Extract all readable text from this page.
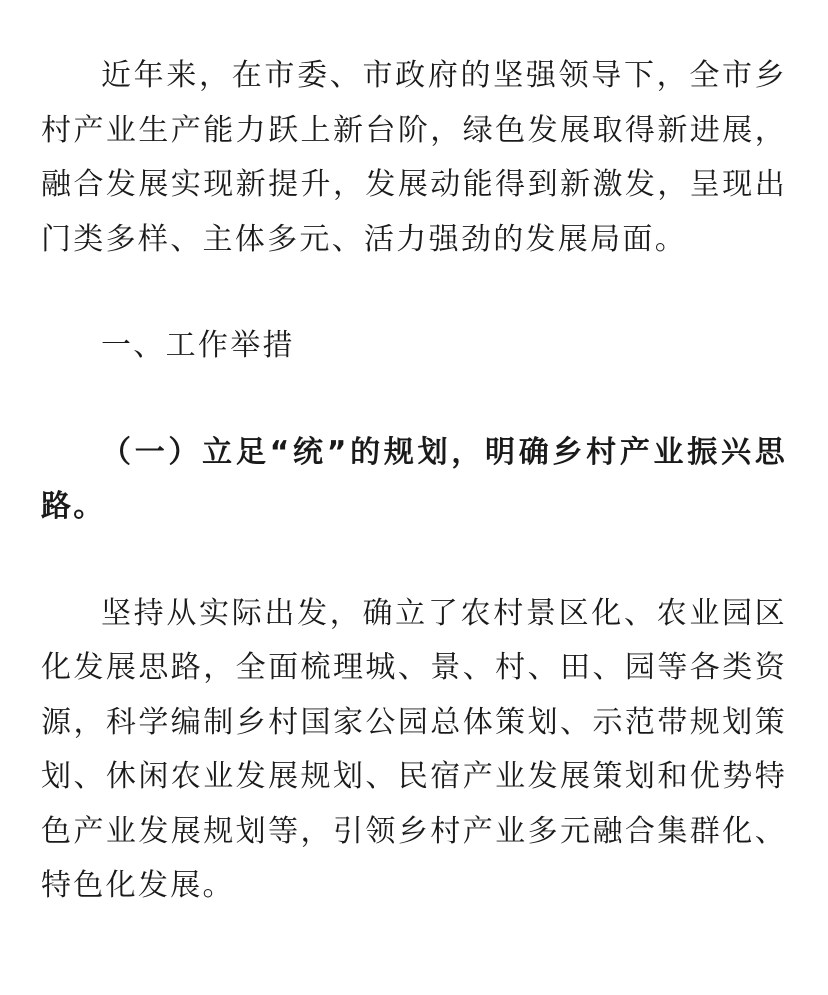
近年来，在市委、市政府的坚强领导下，全市乡村产业生产能力跃上新台阶，绿色发展取得新进展，融合发展实现新提升，发展动能得到新激发，呈现出门类多样、主体多元、活力强劲的发展局面。

一、工作举措

（一）立足“统”的规划，明确乡村产业振兴思路。

坚持从实际出发，确立了农村景区化、农业园区化发展思路，全面梳理城、景、村、田、园等各类资源，科学编制乡村国家公园总体策划、示范带规划策划、休闲农业发展规划、民宿产业发展策划和优势特色产业发展规划等，引领乡村产业多元融合集群化、特色化发展。
